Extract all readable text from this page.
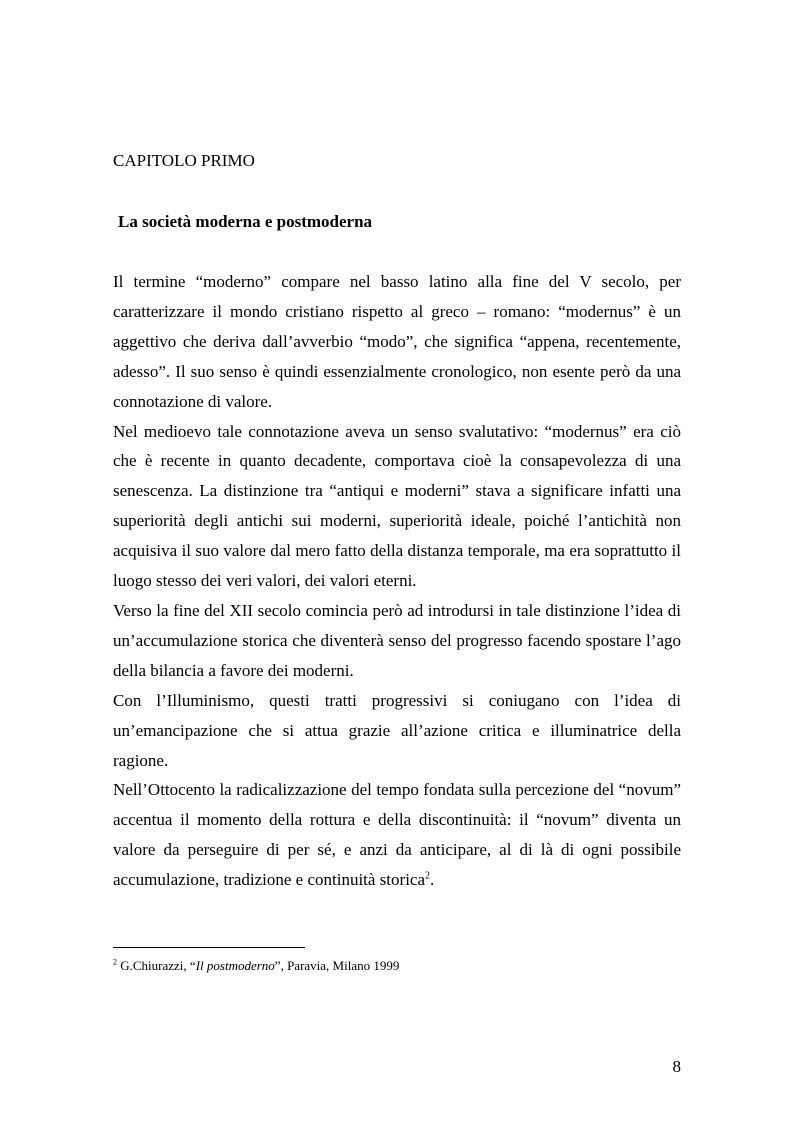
CAPITOLO PRIMO
La società moderna e postmoderna

Il termine “moderno” compare nel basso latino alla fine del V secolo, per caratterizzare il mondo cristiano rispetto al greco – romano: “modernus” è un aggettivo che deriva dall’avverbio “modo”, che significa “appena, recentemente, adesso”. Il suo senso è quindi essenzialmente cronologico, non esente però da una connotazione di valore.

Nel medioevo tale connotazione aveva un senso svalutativo: “modernus” era ciò che è recente in quanto decadente, comportava cioè la consapevolezza di una senescenza. La distinzione tra “antiqui e moderni” stava a significare infatti una superiorità degli antichi sui moderni, superiorità ideale, poiché l’antichità non acquisiva il suo valore dal mero fatto della distanza temporale, ma era soprattutto il luogo stesso dei veri valori, dei valori eterni.

Verso la fine del XII secolo comincia però ad introdursi in tale distinzione l’idea di un’accumulazione storica che diventerà senso del progresso facendo spostare l’ago della bilancia a favore dei moderni.

Con l’Illuminismo, questi tratti progressivi si coniugano con l’idea di un’emancipazione che si attua grazie all’azione critica e illuminatrice della ragione.

Nell’Ottocento la radicalizzazione del tempo fondata sulla percezione del “novum” accentua il momento della rottura e della discontinuità: il “novum” diventa un valore da perseguire di per sé, e anzi da anticipare, al di là di ogni possibile accumulazione, tradizione e continuità storica$^2$.

$^2$ G.Chiurazzi, “Il postmoderno”, Paravia, Milano 1999
8
